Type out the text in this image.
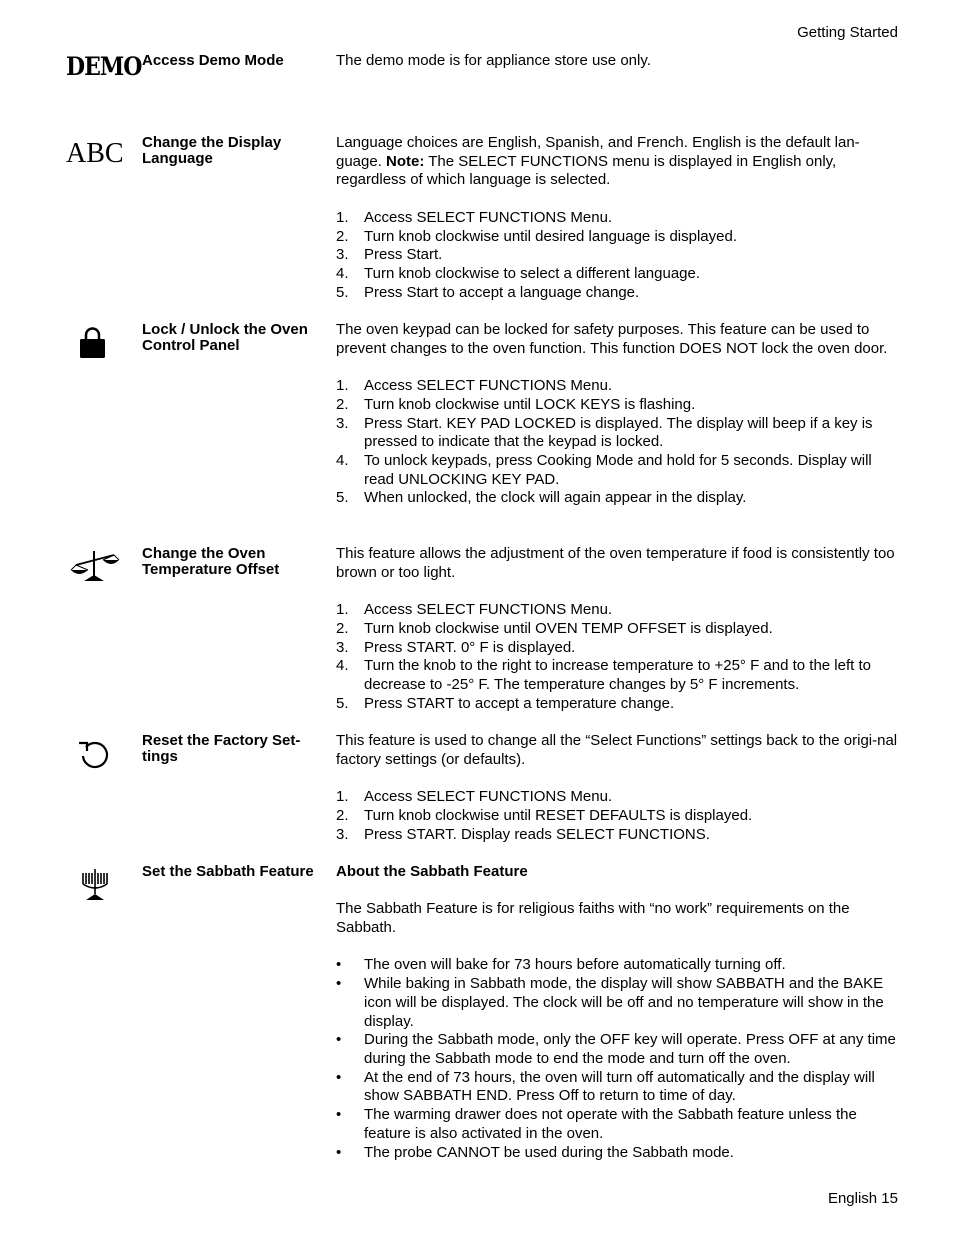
Getting Started
DEMO Access Demo Mode	The demo mode is for appliance store use only.

ABC Change the Display Language

Language choices are English, Spanish, and French. English is the default lan-guage. Note: The SELECT FUNCTIONS menu is displayed in English only, regardless of which language is selected.

1. Access SELECT FUNCTIONS Menu.
2. Turn knob clockwise until desired language is displayed.
3. Press Start.
4. Turn knob clockwise to select a different language.
5. Press Start to accept a language change.
Lock / Unlock the Oven Control Panel

The oven keypad can be locked for safety purposes. This feature can be used to prevent changes to the oven function. This function DOES NOT lock the oven door.

1. Access SELECT FUNCTIONS Menu.
2. Turn knob clockwise until LOCK KEYS is flashing.
3. Press Start. KEY PAD LOCKED is displayed. The display will beep if a key is pressed to indicate that the keypad is locked.
4. To unlock keypads, press Cooking Mode and hold for 5 seconds. Display will read UNLOCKING KEY PAD.
5. When unlocked, the clock will again appear in the display.
Change the Oven Temperature Offset

This feature allows the adjustment of the oven temperature if food is consistently too brown or too light.

1. Access SELECT FUNCTIONS Menu.
2. Turn knob clockwise until OVEN TEMP OFFSET is displayed.
3. Press START. 0° F is displayed.
4. Turn the knob to the right to increase temperature to +25° F and to the left to decrease to -25° F. The temperature changes by 5° F increments.
5. Press START to accept a temperature change.
Reset the Factory Set-tings

This feature is used to change all the “Select Functions” settings back to the origi-nal factory settings (or defaults).

1. Access SELECT FUNCTIONS Menu.
2. Turn knob clockwise until RESET DEFAULTS is displayed.
3. Press START. Display reads SELECT FUNCTIONS.
Set the Sabbath Feature	About the Sabbath Feature

The Sabbath Feature is for religious faiths with “no work” requirements on the Sabbath.

• The oven will bake for 73 hours before automatically turning off.
• While baking in Sabbath mode, the display will show SABBATH and the BAKE icon will be displayed. The clock will be off and no temperature will show in the display.
• During the Sabbath mode, only the OFF key will operate. Press OFF at any time during the Sabbath mode to end the mode and turn off the oven.
• At the end of 73 hours, the oven will turn off automatically and the display will show SABBATH END. Press Off to return to time of day.
• The warming drawer does not operate with the Sabbath feature unless the feature is also activated in the oven.
• The probe CANNOT be used during the Sabbath mode.
English 15
